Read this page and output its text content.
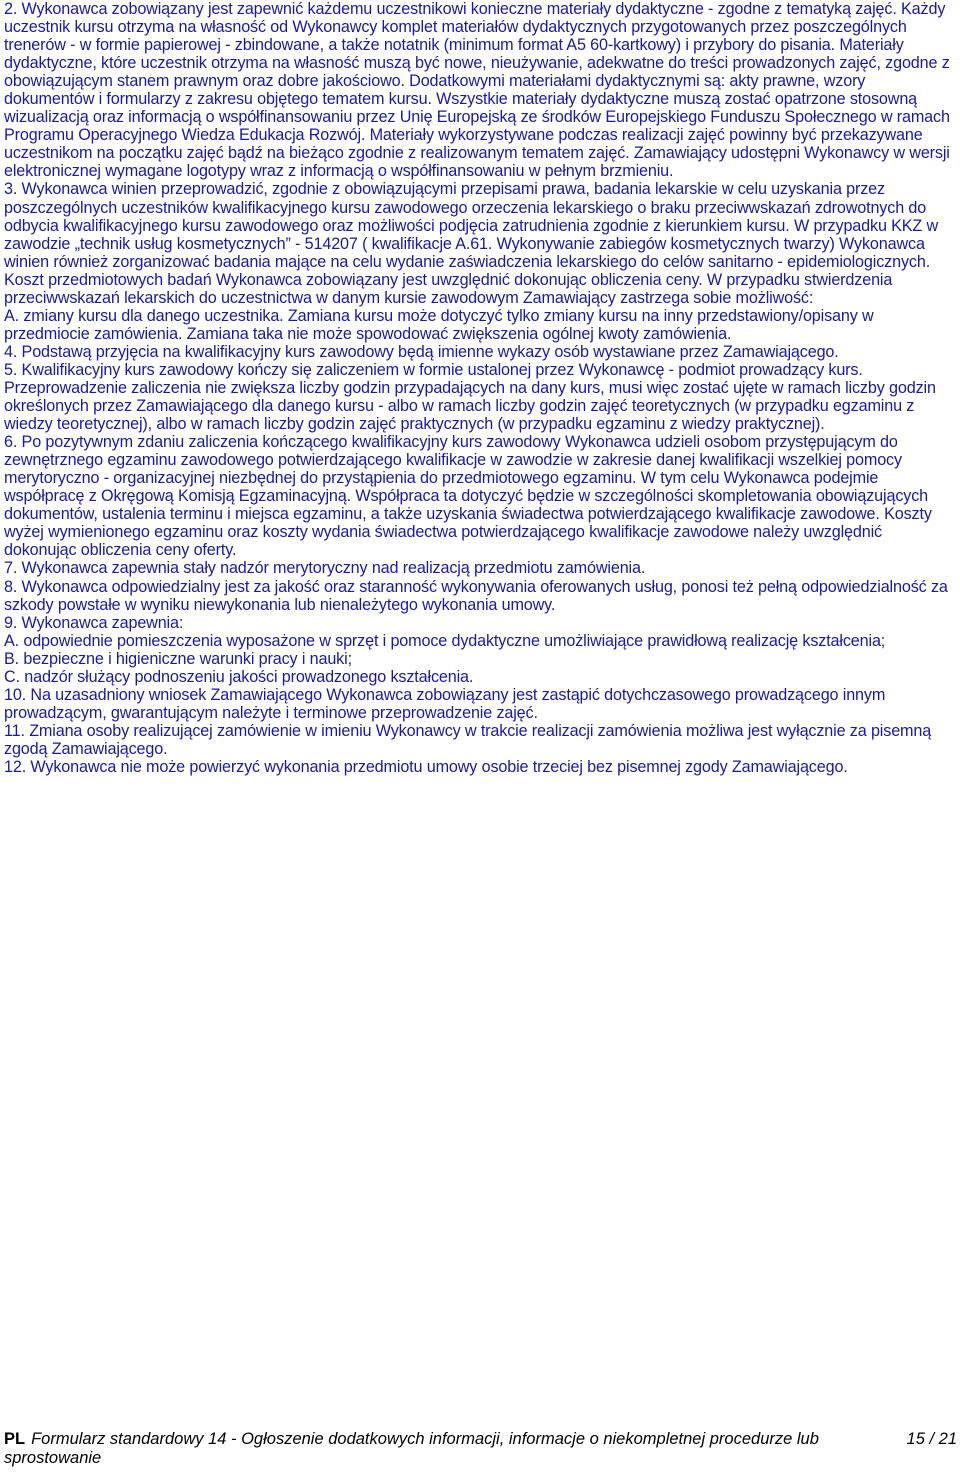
2. Wykonawca zobowiązany jest zapewnić każdemu uczestnikowi konieczne materiały dydaktyczne - zgodne z tematyką zajęć. Każdy uczestnik kursu otrzyma na własność od Wykonawcy komplet materiałów dydaktycznych przygotowanych przez poszczególnych trenerów - w formie papierowej - zbindowane, a także notatnik (minimum format A5 60-kartkowy) i przybory do pisania. Materiały dydaktyczne, które uczestnik otrzyma na własność muszą być nowe, nieużywanie, adekwatne do treści prowadzonych zajęć, zgodne z obowiązującym stanem prawnym oraz dobre jakościowo. Dodatkowymi materiałami dydaktycznymi są: akty prawne, wzory dokumentów i formularzy z zakresu objętego tematem kursu. Wszystkie materiały dydaktyczne muszą zostać opatrzone stosowną wizualizacją oraz informacją o współfinansowaniu przez Unię Europejską ze środków Europejskiego Funduszu Społecznego w ramach Programu Operacyjnego Wiedza Edukacja Rozwój. Materiały wykorzystywane podczas realizacji zajęć powinny być przekazywane uczestnikom na początku zajęć bądź na bieżąco zgodnie z realizowanym tematem zajęć. Zamawiający udostępni Wykonawcy w wersji elektronicznej wymagane logotypy wraz z informacją o współfinansowaniu w pełnym brzmieniu.

3. Wykonawca winien przeprowadzić, zgodnie z obowiązującymi przepisami prawa, badania lekarskie w celu uzyskania przez poszczególnych uczestników kwalifikacyjnego kursu zawodowego orzeczenia lekarskiego o braku przeciwwskazań zdrowotnych do odbycia kwalifikacyjnego kursu zawodowego oraz możliwości podjęcia zatrudnienia zgodnie z kierunkiem kursu. W przypadku KKZ w zawodzie „technik usług kosmetycznych” - 514207 ( kwalifikacje A.61. Wykonywanie zabiegów kosmetycznych twarzy) Wykonawca winien również zorganizować badania mające na celu wydanie zaświadczenia lekarskiego do celów sanitarno - epidemiologicznych. Koszt przedmiotowych badań Wykonawca zobowiązany jest uwzględnić dokonując obliczenia ceny. W przypadku stwierdzenia przeciwwskazań lekarskich do uczestnictwa w danym kursie zawodowym Zamawiający zastrzega sobie możliwość:

A. zmiany kursu dla danego uczestnika. Zamiana kursu może dotyczyć tylko zmiany kursu na inny przedstawiony/opisany w przedmiocie zamówienia. Zamiana taka nie może spowodować zwiększenia ogólnej kwoty zamówienia.

4. Podstawą przyjęcia na kwalifikacyjny kurs zawodowy będą imienne wykazy osób wystawiane przez Zamawiającego.

5. Kwalifikacyjny kurs zawodowy kończy się zaliczeniem w formie ustalonej przez Wykonawcę - podmiot prowadzący kurs. Przeprowadzenie zaliczenia nie zwiększa liczby godzin przypadających na dany kurs, musi więc zostać ujęte w ramach liczby godzin określonych przez Zamawiającego dla danego kursu - albo w ramach liczby godzin zajęć teoretycznych (w przypadku egzaminu z wiedzy teoretycznej), albo w ramach liczby godzin zajęć praktycznych (w przypadku egzaminu z wiedzy praktycznej).

6. Po pozytywnym zdaniu zaliczenia kończącego kwalifikacyjny kurs zawodowy Wykonawca udzieli osobom przystępującym do zewnętrznego egzaminu zawodowego potwierdzającego kwalifikacje w zawodzie w zakresie danej kwalifikacji wszelkiej pomocy merytoryczno - organizacyjnej niezbędnej do przystąpienia do przedmiotowego egzaminu. W tym celu Wykonawca podejmie współpracę z Okręgową Komisją Egzaminacyjną. Współpraca ta dotyczyć będzie w szczególności skompletowania obowiązujących dokumentów, ustalenia terminu i miejsca egzaminu, a także uzyskania świadectwa potwierdzającego kwalifikacje zawodowe. Koszty wyżej wymienionego egzaminu oraz koszty wydania świadectwa potwierdzającego kwalifikacje zawodowe należy uwzględnić dokonując obliczenia ceny oferty.

7. Wykonawca zapewnia stały nadzór merytoryczny nad realizacją przedmiotu zamówienia.

8. Wykonawca odpowiedzialny jest za jakość oraz staranność wykonywania oferowanych usług, ponosi też pełną odpowiedzialność za szkody powstałe w wyniku niewykonania lub nienależytego wykonania umowy.

9. Wykonawca zapewnia:

A. odpowiednie pomieszczenia wyposażone w sprzęt i pomoce dydaktyczne umożliwiające prawidłową realizację kształcenia;

B. bezpieczne i higieniczne warunki pracy i nauki;

C. nadzór służący podnoszeniu jakości prowadzonego kształcenia.

10. Na uzasadniony wniosek Zamawiającego Wykonawca zobowiązany jest zastąpić dotychczasowego prowadzącego innym prowadzącym, gwarantującym należyte i terminowe przeprowadzenie zajęć.

11. Zmiana osoby realizującej zamówienie w imieniu Wykonawcy w trakcie realizacji zamówienia możliwa jest wyłącznie za pisemną zgodą Zamawiającego.

12. Wykonawca nie może powierzyć wykonania przedmiotu umowy osobie trzeciej bez pisemnej zgody Zamawiającego.

PL Formularz standardowy 14 - Ogłoszenie dodatkowych informacji, informacje o niekompletnej procedurze lub sprostowanie
15 / 21
